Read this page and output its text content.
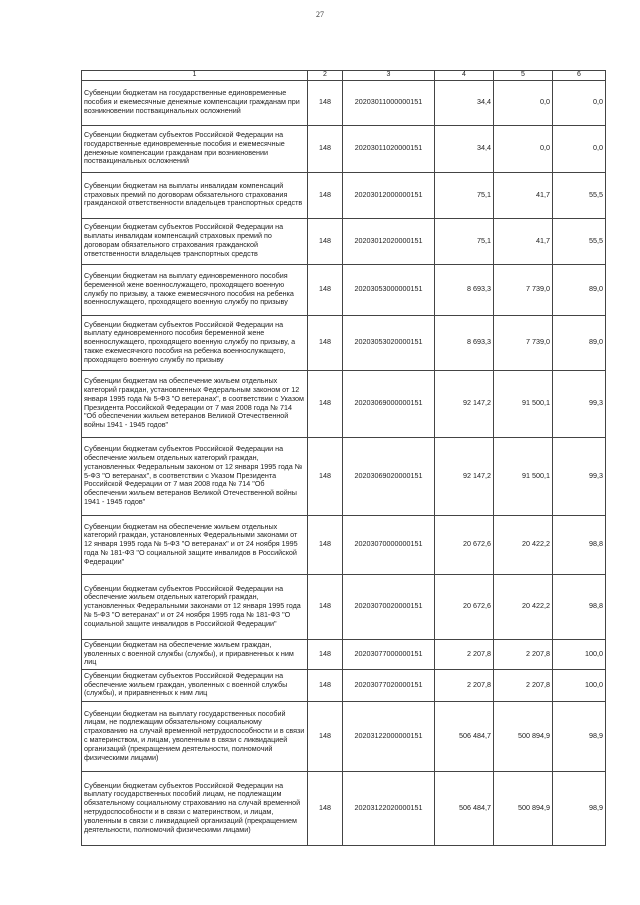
27
1	2	3	4	5	6
Субвенции бюджетам на государственные единовременные пособия и ежемесячные денежные компенсации гражданам при возникновении поствакцинальных осложнений	148	20203011000000151	34,4	0,0	0,0
Субвенции бюджетам субъектов Российской Федерации на государственные единовременные пособия и ежемесячные денежные компенсации гражданам при возникновении поствакцинальных осложнений	148	20203011020000151	34,4	0,0	0,0
Субвенции бюджетам на выплаты инвалидам компенсаций страховых премий по договорам обязательного страхования гражданской ответственности владельцев транспортных средств	148	20203012000000151	75,1	41,7	55,5
Субвенции бюджетам субъектов Российской Федерации на выплаты инвалидам компенсаций страховых премий по договорам обязательного страхования гражданской ответственности владельцев транспортных средств	148	20203012020000151	75,1	41,7	55,5
Субвенции бюджетам на выплату единовременного пособия беременной жене военнослужащего, проходящего военную службу по призыву, а также ежемесячного пособия на ребенка военнослужащего, проходящего военную службу по призыву	148	20203053000000151	8 693,3	7 739,0	89,0
Субвенции бюджетам субъектов Российской Федерации на выплату единовременного пособия беременной жене военнослужащего, проходящего военную службу по призыву, а также ежемесячного пособия на ребенка военнослужащего, проходящего военную службу по призыву	148	20203053020000151	8 693,3	7 739,0	89,0
Субвенции бюджетам на обеспечение жильем отдельных категорий граждан, установленных Федеральным законом от 12 января 1995 года № 5-ФЗ "О ветеранах", в соответствии с Указом Президента Российской Федерации от 7 мая 2008 года № 714 "Об обеспечении жильем ветеранов Великой Отечественной войны 1941 - 1945 годов"	148	20203069000000151	92 147,2	91 500,1	99,3
Субвенции бюджетам субъектов Российской Федерации на обеспечение жильем отдельных категорий граждан, установленных Федеральным законом от 12 января 1995 года № 5-ФЗ "О ветеранах", в соответствии с Указом Президента Российской Федерации от 7 мая 2008 года № 714 "Об обеспечении жильем ветеранов Великой Отечественной войны 1941 - 1945 годов"	148	20203069020000151	92 147,2	91 500,1	99,3
Субвенции бюджетам на обеспечение жильем отдельных категорий граждан, установленных Федеральными законами от 12 января 1995 года № 5-ФЗ "О ветеранах" и от 24 ноября 1995 года № 181-ФЗ "О социальной защите инвалидов в Российской Федерации"	148	20203070000000151	20 672,6	20 422,2	98,8
Субвенции бюджетам субъектов Российской Федерации на обеспечение жильем отдельных категорий граждан, установленных Федеральными законами от 12 января 1995 года № 5-ФЗ "О ветеранах" и от 24 ноября 1995 года № 181-ФЗ "О социальной защите инвалидов в Российской Федерации"	148	20203070020000151	20 672,6	20 422,2	98,8
Субвенции бюджетам на обеспечение жильем граждан, уволенных с военной службы (службы), и приравненных к ним лиц	148	20203077000000151	2 207,8	2 207,8	100,0
Субвенции бюджетам субъектов Российской Федерации на обеспечение жильем граждан, уволенных с военной службы (службы), и приравненных к ним лиц	148	20203077020000151	2 207,8	2 207,8	100,0
Субвенции бюджетам на выплату государственных пособий лицам, не подлежащим обязательному социальному страхованию на случай временной нетрудоспособности и в связи с материнством, и лицам, уволенным в связи с ликвидацией организаций (прекращением деятельности, полномочий физическими лицами)	148	20203122000000151	506 484,7	500 894,9	98,9
Субвенции бюджетам субъектов Российской Федерации на выплату государственных пособий лицам, не подлежащим обязательному социальному страхованию на случай временной нетрудоспособности и в связи с материнством, и лицам, уволенным в связи с ликвидацией организаций (прекращением деятельности, полномочий физическими лицами)	148	20203122020000151	506 484,7	500 894,9	98,9
